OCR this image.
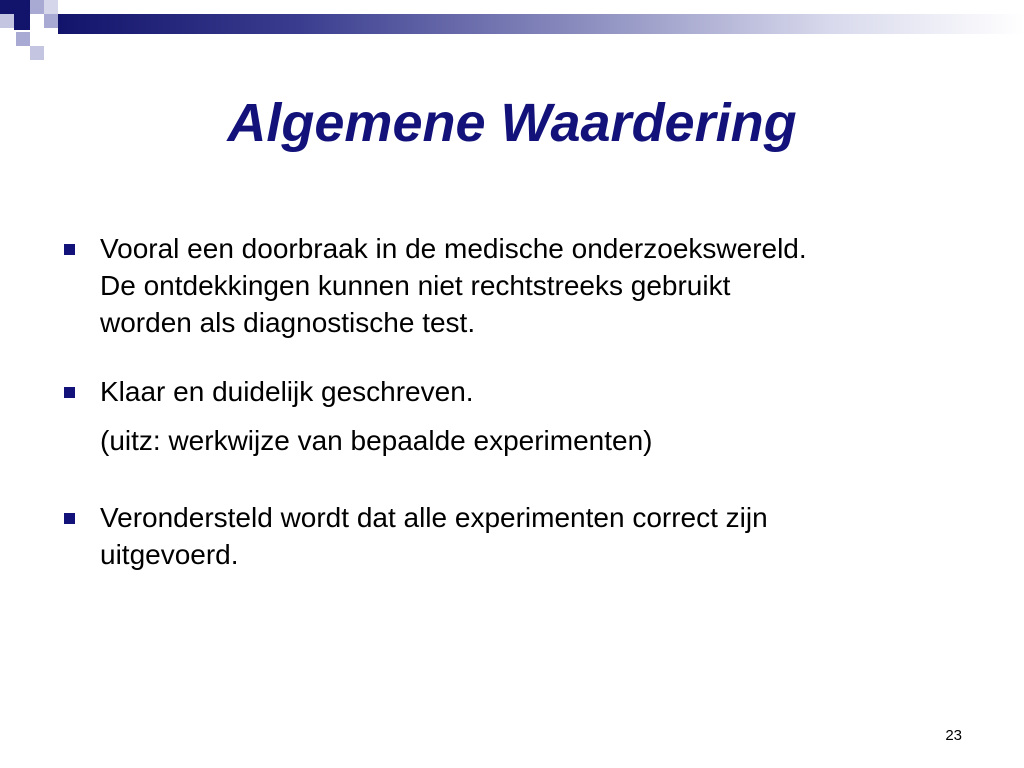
Algemene Waardering
Vooral een doorbraak in de medische onderzoekswereld.
De ontdekkingen kunnen niet rechtstreeks gebruikt
worden als diagnostische test.
Klaar en duidelijk geschreven.
(uitz: werkwijze van bepaalde experimenten)
Verondersteld wordt dat alle experimenten correct zijn
uitgevoerd.
23
